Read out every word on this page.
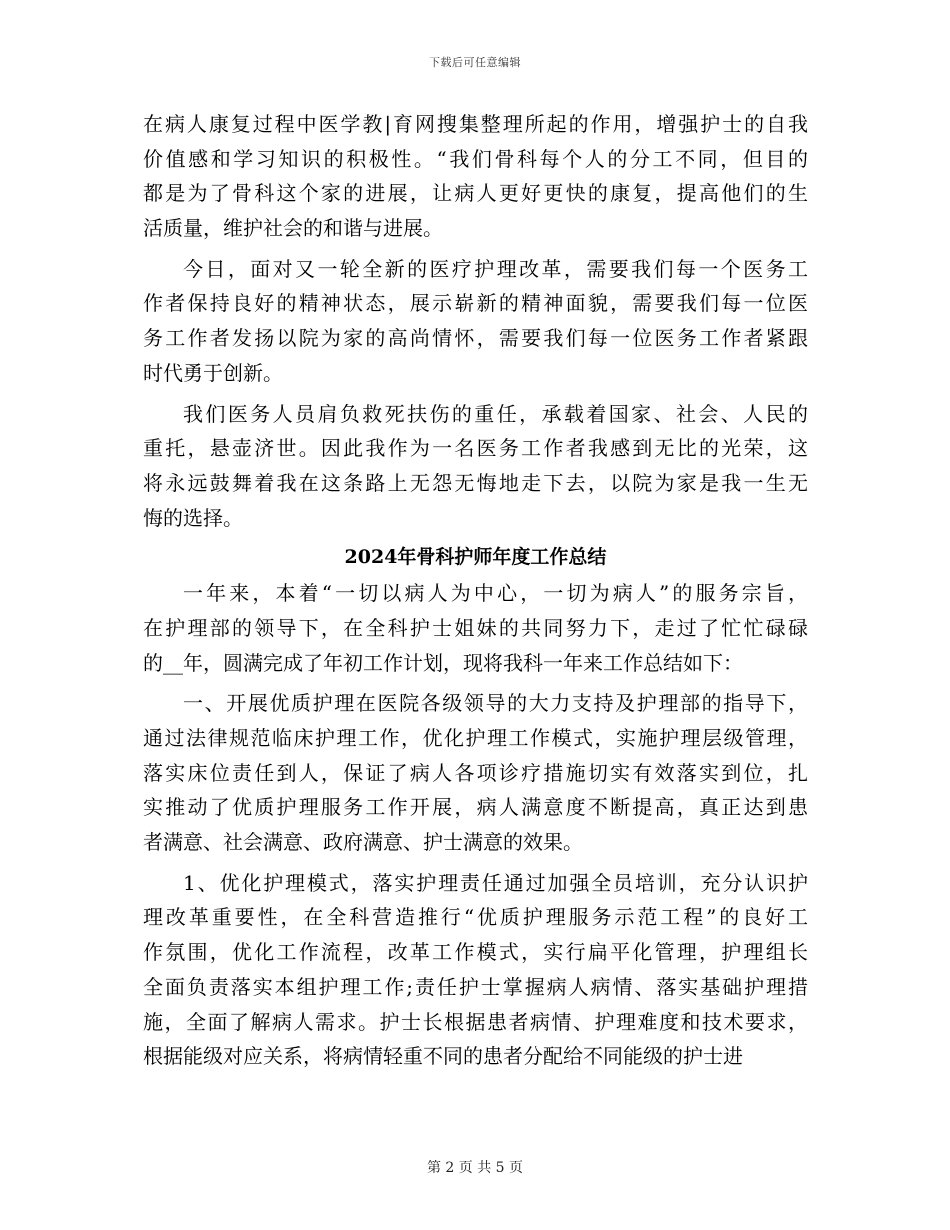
下载后可任意编辑
在病人康复过程中医学教|育网搜集整理所起的作用，增强护士的自我
价值感和学习知识的积极性。“我们骨科每个人的分工不同，但目的
都是为了骨科这个家的进展，让病人更好更快的康复，提高他们的生
活质量，维护社会的和谐与进展。
今日，面对又一轮全新的医疗护理改革，需要我们每一个医务工
作者保持良好的精神状态，展示崭新的精神面貌，需要我们每一位医
务工作者发扬以院为家的高尚情怀，需要我们每一位医务工作者紧跟
时代勇于创新。
我们医务人员肩负救死扶伤的重任，承载着国家、社会、人民的
重托，悬壶济世。因此我作为一名医务工作者我感到无比的光荣，这
将永远鼓舞着我在这条路上无怨无悔地走下去，以院为家是我一生无
悔的选择。
2024年骨科护师年度工作总结
一年来，本着“一切以病人为中心，一切为病人”的服务宗旨，
在护理部的领导下，在全科护士姐妹的共同努力下，走过了忙忙碌碌
的__年，圆满完成了年初工作计划，现将我科一年来工作总结如下：
一、开展优质护理在医院各级领导的大力支持及护理部的指导下，
通过法律规范临床护理工作，优化护理工作模式，实施护理层级管理，
落实床位责任到人，保证了病人各项诊疗措施切实有效落实到位，扎
实推动了优质护理服务工作开展，病人满意度不断提高，真正达到患
者满意、社会满意、政府满意、护士满意的效果。
1、优化护理模式，落实护理责任通过加强全员培训，充分认识护
理改革重要性，在全科营造推行“优质护理服务示范工程”的良好工
作氛围，优化工作流程，改革工作模式，实行扁平化管理，护理组长
全面负责落实本组护理工作;责任护士掌握病人病情、落实基础护理措
施，全面了解病人需求。护士长根据患者病情、护理难度和技术要求，
根据能级对应关系，将病情轻重不同的患者分配给不同能级的护士进
第 2 页 共 5 页
